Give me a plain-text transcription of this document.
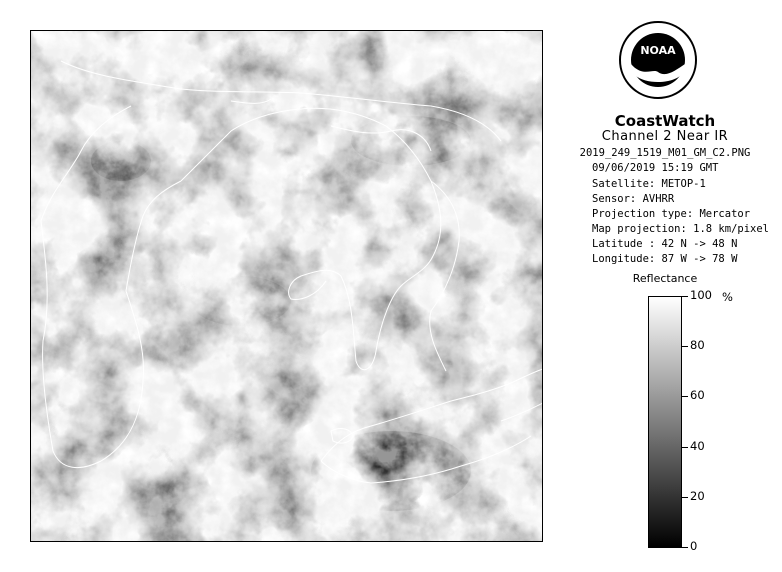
NOAA
CoastWatch
Channel 2 Near IR
2019_249_1519_M01_GM_C2.PNG
09/06/2019 15:19 GMT
Satellite: METOP-1
Sensor: AVHRR
Projection type: Mercator
Map projection: 1.8 km/pixel
Latitude : 42 N -> 48 N
Longitude: 87 W -> 78 W
Reflectance
%
100
80
60
40
20
0
